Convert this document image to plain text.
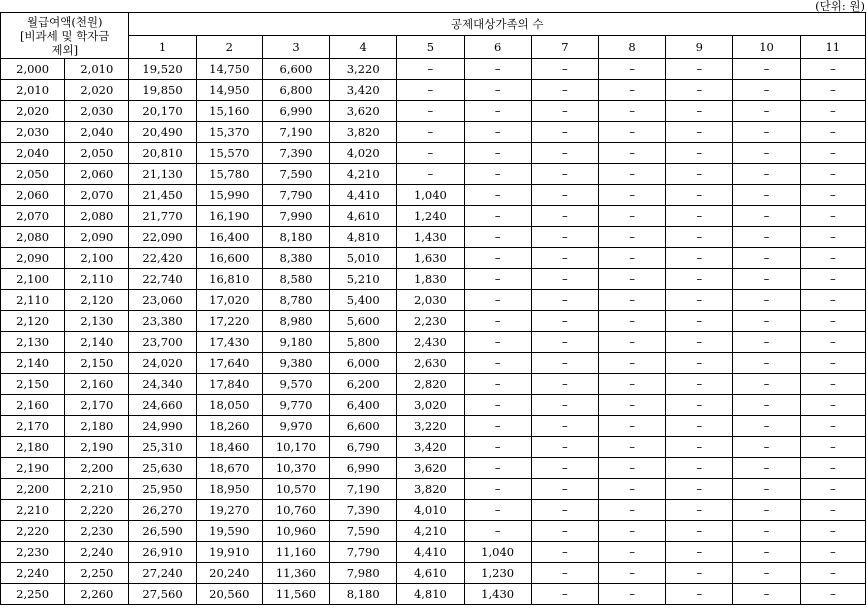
(단위: 원)
월급여액(천원)
[비과세 및 학자금
제외]		공제대상가족의 수										
		1	2	3	4	5	6	7	8	9	10	11
2,000	2,010	19,520	14,750	6,600	3,220	–	–	–	–	–	–	–
2,010	2,020	19,850	14,950	6,800	3,420	–	–	–	–	–	–	–
2,020	2,030	20,170	15,160	6,990	3,620	–	–	–	–	–	–	–
2,030	2,040	20,490	15,370	7,190	3,820	–	–	–	–	–	–	–
2,040	2,050	20,810	15,570	7,390	4,020	–	–	–	–	–	–	–
2,050	2,060	21,130	15,780	7,590	4,210	–	–	–	–	–	–	–
2,060	2,070	21,450	15,990	7,790	4,410	1,040	–	–	–	–	–	–
2,070	2,080	21,770	16,190	7,990	4,610	1,240	–	–	–	–	–	–
2,080	2,090	22,090	16,400	8,180	4,810	1,430	–	–	–	–	–	–
2,090	2,100	22,420	16,600	8,380	5,010	1,630	–	–	–	–	–	–
2,100	2,110	22,740	16,810	8,580	5,210	1,830	–	–	–	–	–	–
2,110	2,120	23,060	17,020	8,780	5,400	2,030	–	–	–	–	–	–
2,120	2,130	23,380	17,220	8,980	5,600	2,230	–	–	–	–	–	–
2,130	2,140	23,700	17,430	9,180	5,800	2,430	–	–	–	–	–	–
2,140	2,150	24,020	17,640	9,380	6,000	2,630	–	–	–	–	–	–
2,150	2,160	24,340	17,840	9,570	6,200	2,820	–	–	–	–	–	–
2,160	2,170	24,660	18,050	9,770	6,400	3,020	–	–	–	–	–	–
2,170	2,180	24,990	18,260	9,970	6,600	3,220	–	–	–	–	–	–
2,180	2,190	25,310	18,460	10,170	6,790	3,420	–	–	–	–	–	–
2,190	2,200	25,630	18,670	10,370	6,990	3,620	–	–	–	–	–	–
2,200	2,210	25,950	18,950	10,570	7,190	3,820	–	–	–	–	–	–
2,210	2,220	26,270	19,270	10,760	7,390	4,010	–	–	–	–	–	–
2,220	2,230	26,590	19,590	10,960	7,590	4,210	–	–	–	–	–	–
2,230	2,240	26,910	19,910	11,160	7,790	4,410	1,040	–	–	–	–	–
2,240	2,250	27,240	20,240	11,360	7,980	4,610	1,230	–	–	–	–	–
2,250	2,260	27,560	20,560	11,560	8,180	4,810	1,430	–	–	–	–	–
